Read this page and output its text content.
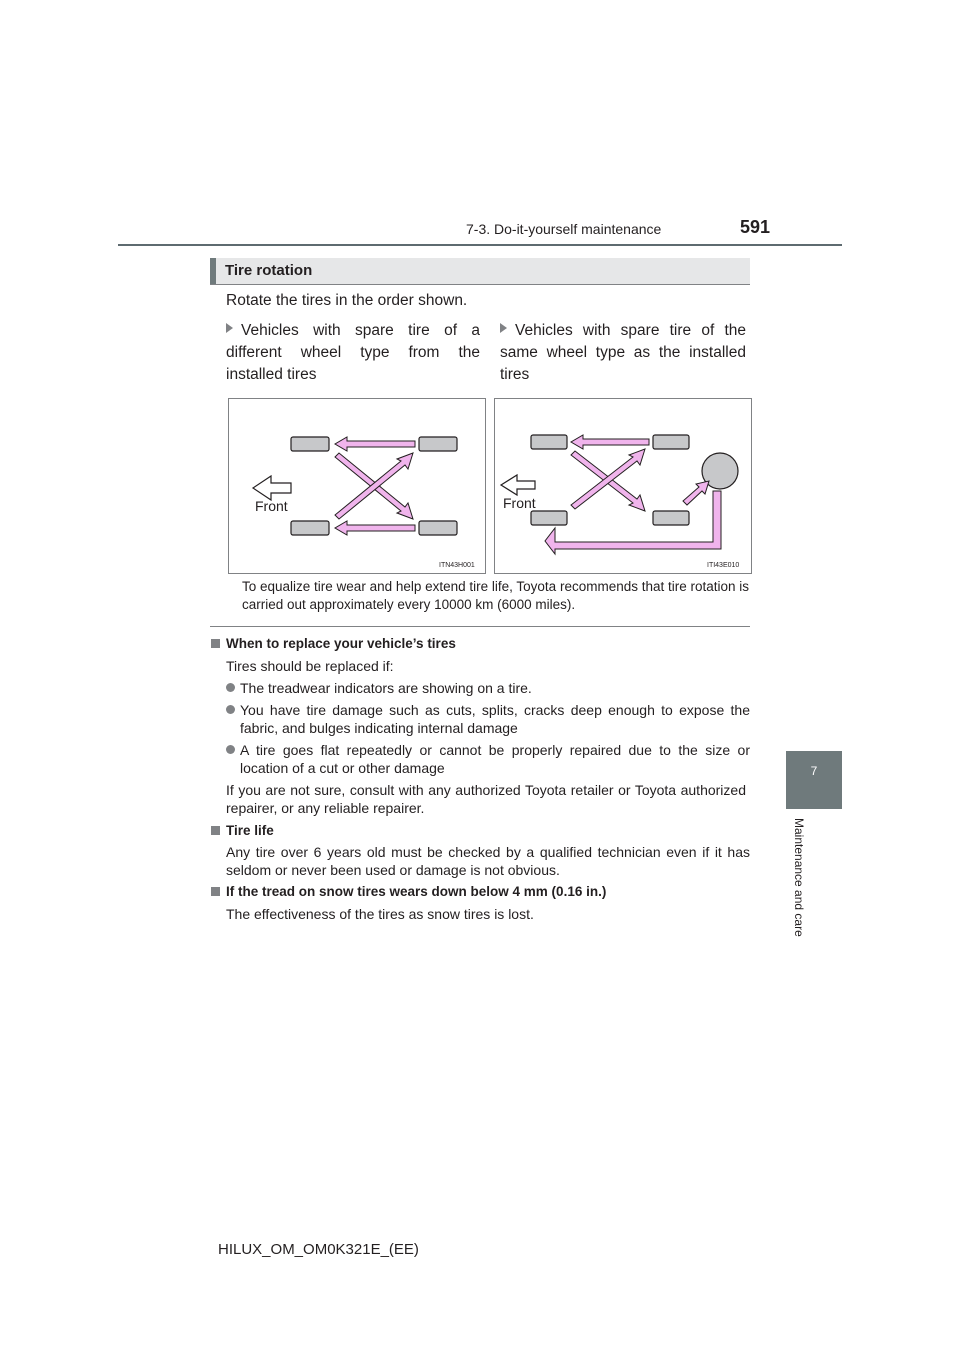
7-3. Do-it-yourself maintenance	591
7
Maintenance and care
Tire rotation
Rotate the tires in the order shown.
Vehicles with spare tire of a different wheel type from the installed tires
Vehicles with spare tire of the same wheel type as the installed tires
Front
ITN43H001
Front
ITI43E010
To equalize tire wear and help extend tire life, Toyota recommends that tire rotation is carried out approximately every 10000 km (6000 miles).
When to replace your vehicle’s tires
Tires should be replaced if:
The treadwear indicators are showing on a tire.
You have tire damage such as cuts, splits, cracks deep enough to expose the fabric, and bulges indicating internal damage
A tire goes flat repeatedly or cannot be properly repaired due to the size or location of a cut or other damage
If you are not sure, consult with any authorized Toyota retailer or Toyota authorized repairer, or any reliable repairer.
Tire life
Any tire over 6 years old must be checked by a qualified technician even if it has seldom or never been used or damage is not obvious.
If the tread on snow tires wears down below 4 mm (0.16 in.)
The effectiveness of the tires as snow tires is lost.
HILUX_OM_OM0K321E_(EE)
